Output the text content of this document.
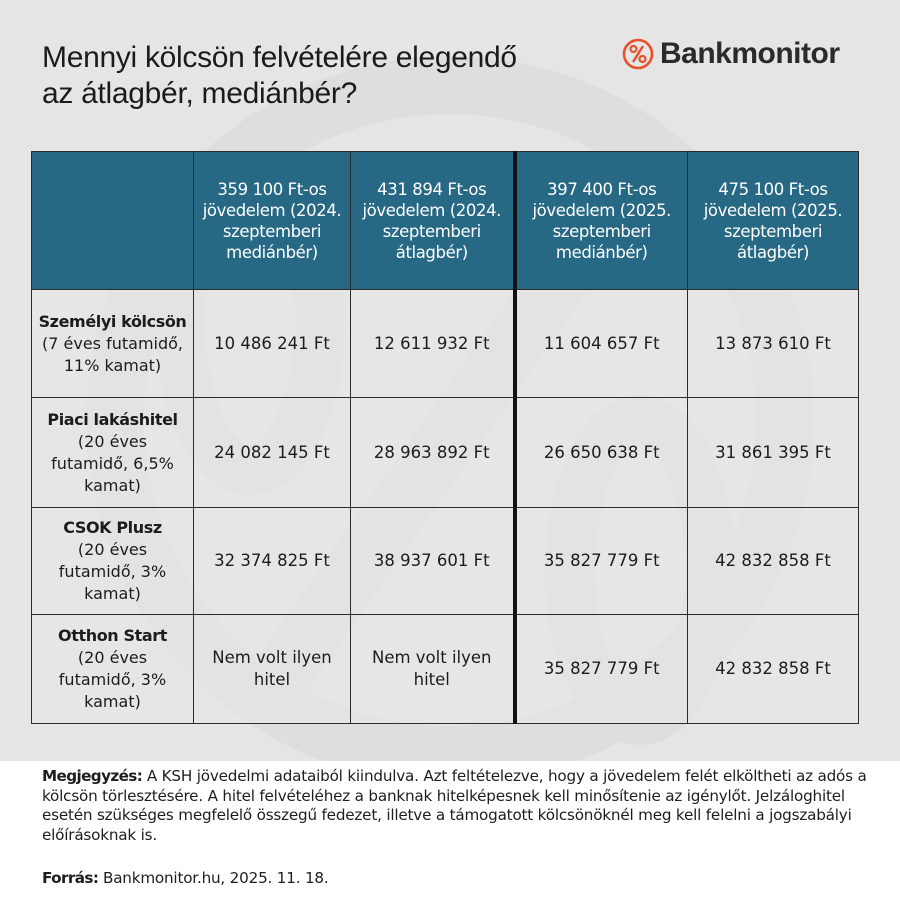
Mennyi kölcsön felvételére elegendő
az átlagbér, mediánbér?
Bankmonitor
	359 100 Ft-os
jövedelem (2024.
szeptemberi
mediánbér)	431 894 Ft-os
jövedelem (2024.
szeptemberi
átlagbér)	397 400 Ft-os
jövedelem (2025.
szeptemberi
mediánbér)	475 100 Ft-os
jövedelem (2025.
szeptemberi
átlagbér)

Személyi kölcsön
(7 éves futamidő,
11% kamat)	10 486 241 Ft	12 611 932 Ft	11 604 657 Ft	13 873 610 Ft

Piaci lakáshitel
(20 éves
futamidő, 6,5%
kamat)	24 082 145 Ft	28 963 892 Ft	26 650 638 Ft	31 861 395 Ft

CSOK Plusz
(20 éves
futamidő, 3%
kamat)	32 374 825 Ft	38 937 601 Ft	35 827 779 Ft	42 832 858 Ft

Otthon Start
(20 éves
futamidő, 3%
kamat)	Nem volt ilyen
hitel	Nem volt ilyen
hitel	35 827 779 Ft	42 832 858 Ft
Megjegyzés: A KSH jövedelmi adataiból kiindulva. Azt feltételezve, hogy a jövedelem felét elköltheti az adós a kölcsön törlesztésére. A hitel felvételéhez a banknak hitelképesnek kell minősítenie az igénylőt. Jelzáloghitel esetén szükséges megfelelő összegű fedezet, illetve a támogatott kölcsönöknél meg kell felelni a jogszabályi előírásoknak is.
Forrás: Bankmonitor.hu, 2025. 11. 18.
